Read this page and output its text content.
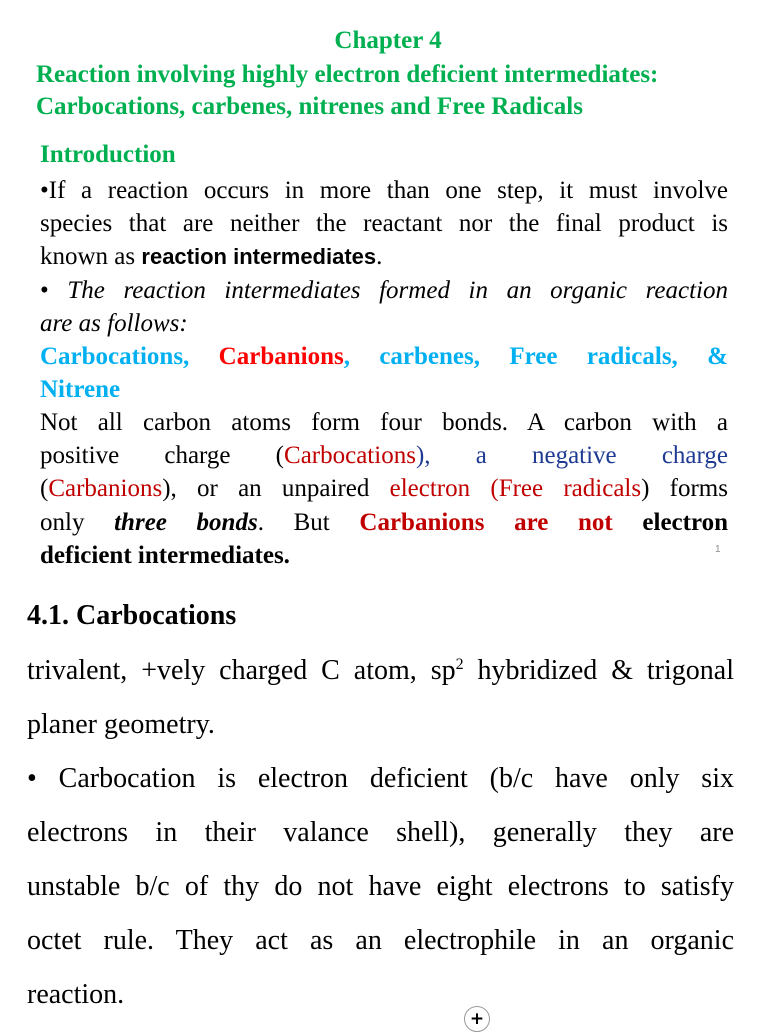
Chapter 4
Reaction involving highly electron deficient intermediates:
Carbocations, carbenes, nitrenes and Free Radicals
Introduction
•If a reaction occurs in more than one step, it must involve
species that are neither the reactant nor the final product is
known as reaction intermediates.
• The reaction intermediates formed in an organic reaction
are as follows:
Carbocations, Carbanions, carbenes, Free radicals, &
Nitrene
Not all carbon atoms form four bonds. A carbon with a
positive charge (Carbocations), a negative charge
(Carbanions), or an unpaired electron (Free radicals) forms
only three bonds. But Carbanions are not electron
deficient intermediates.	1
4.1. Carbocations
trivalent, +vely charged C atom, $sp^2$ hybridized & trigonal
planer geometry.
• Carbocation is electron deficient (b/c have only six
electrons in their valance shell), generally they are
unstable b/c of thy do not have eight electrons to satisfy
octet rule. They act as an electrophile in an organic
reaction.
+
